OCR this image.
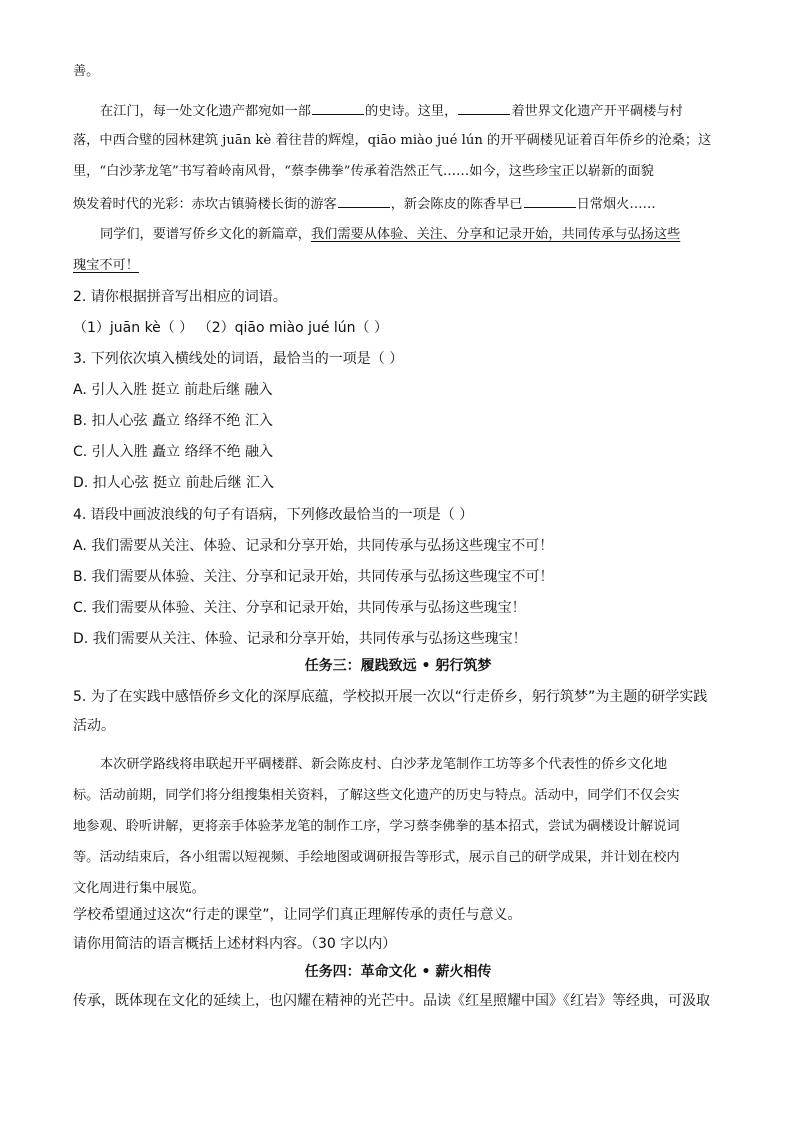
善。
在江门，每一处文化遗产都宛如一部	的史诗。这里，	着世界文化遗产开平碉楼与村
落，中西合璧的园林建筑 juān kè 着往昔的辉煌，qiāo miào jué lún 的开平碉楼见证着百年侨乡的沧桑；这
里，“白沙茅龙笔”书写着岭南风骨，“蔡李佛拳”传承着浩然正气……如今，这些珍宝正以崭新的面貌
焕发着时代的光彩：赤坎古镇骑楼长街的游客	，新会陈皮的陈香早已	日常烟火……
同学们，要谱写侨乡文化的新篇章，我们需要从体验、关注、分享和记录开始，共同传承与弘扬这些
瑰宝不可！
2. 请你根据拼音写出相应的词语。
（1）juān kè（ ） （2）qiāo miào jué lún（ ）
3. 下列依次填入横线处的词语，最恰当的一项是（ ）
A. 引人入胜 挺立 前赴后继 融入
B. 扣人心弦 矗立 络绎不绝 汇入
C. 引人入胜 矗立 络绎不绝 融入
D. 扣人心弦 挺立 前赴后继 汇入
4. 语段中画波浪线的句子有语病，下列修改最恰当的一项是（ ）
A. 我们需要从关注、体验、记录和分享开始，共同传承与弘扬这些瑰宝不可！
B. 我们需要从体验、关注、分享和记录开始，共同传承与弘扬这些瑰宝不可！
C. 我们需要从体验、关注、分享和记录开始，共同传承与弘扬这些瑰宝！
D. 我们需要从关注、体验、记录和分享开始，共同传承与弘扬这些瑰宝！
任务三：履践致远 • 躬行筑梦
5. 为了在实践中感悟侨乡文化的深厚底蕴，学校拟开展一次以“行走侨乡，躬行筑梦”为主题的研学实践
活动。
本次研学路线将串联起开平碉楼群、新会陈皮村、白沙茅龙笔制作工坊等多个代表性的侨乡文化地
标。活动前期，同学们将分组搜集相关资料，了解这些文化遗产的历史与特点。活动中，同学们不仅会实
地参观、聆听讲解，更将亲手体验茅龙笔的制作工序，学习蔡李佛拳的基本招式，尝试为碉楼设计解说词
等。活动结束后，各小组需以短视频、手绘地图或调研报告等形式，展示自己的研学成果，并计划在校内
文化周进行集中展览。
学校希望通过这次“行走的课堂”，让同学们真正理解传承的责任与意义。
请你用简洁的语言概括上述材料内容。（30 字以内）
任务四：革命文化 • 薪火相传
传承，既体现在文化的延续上，也闪耀在精神的光芒中。品读《红星照耀中国》《红岩》等经典，可汲取
